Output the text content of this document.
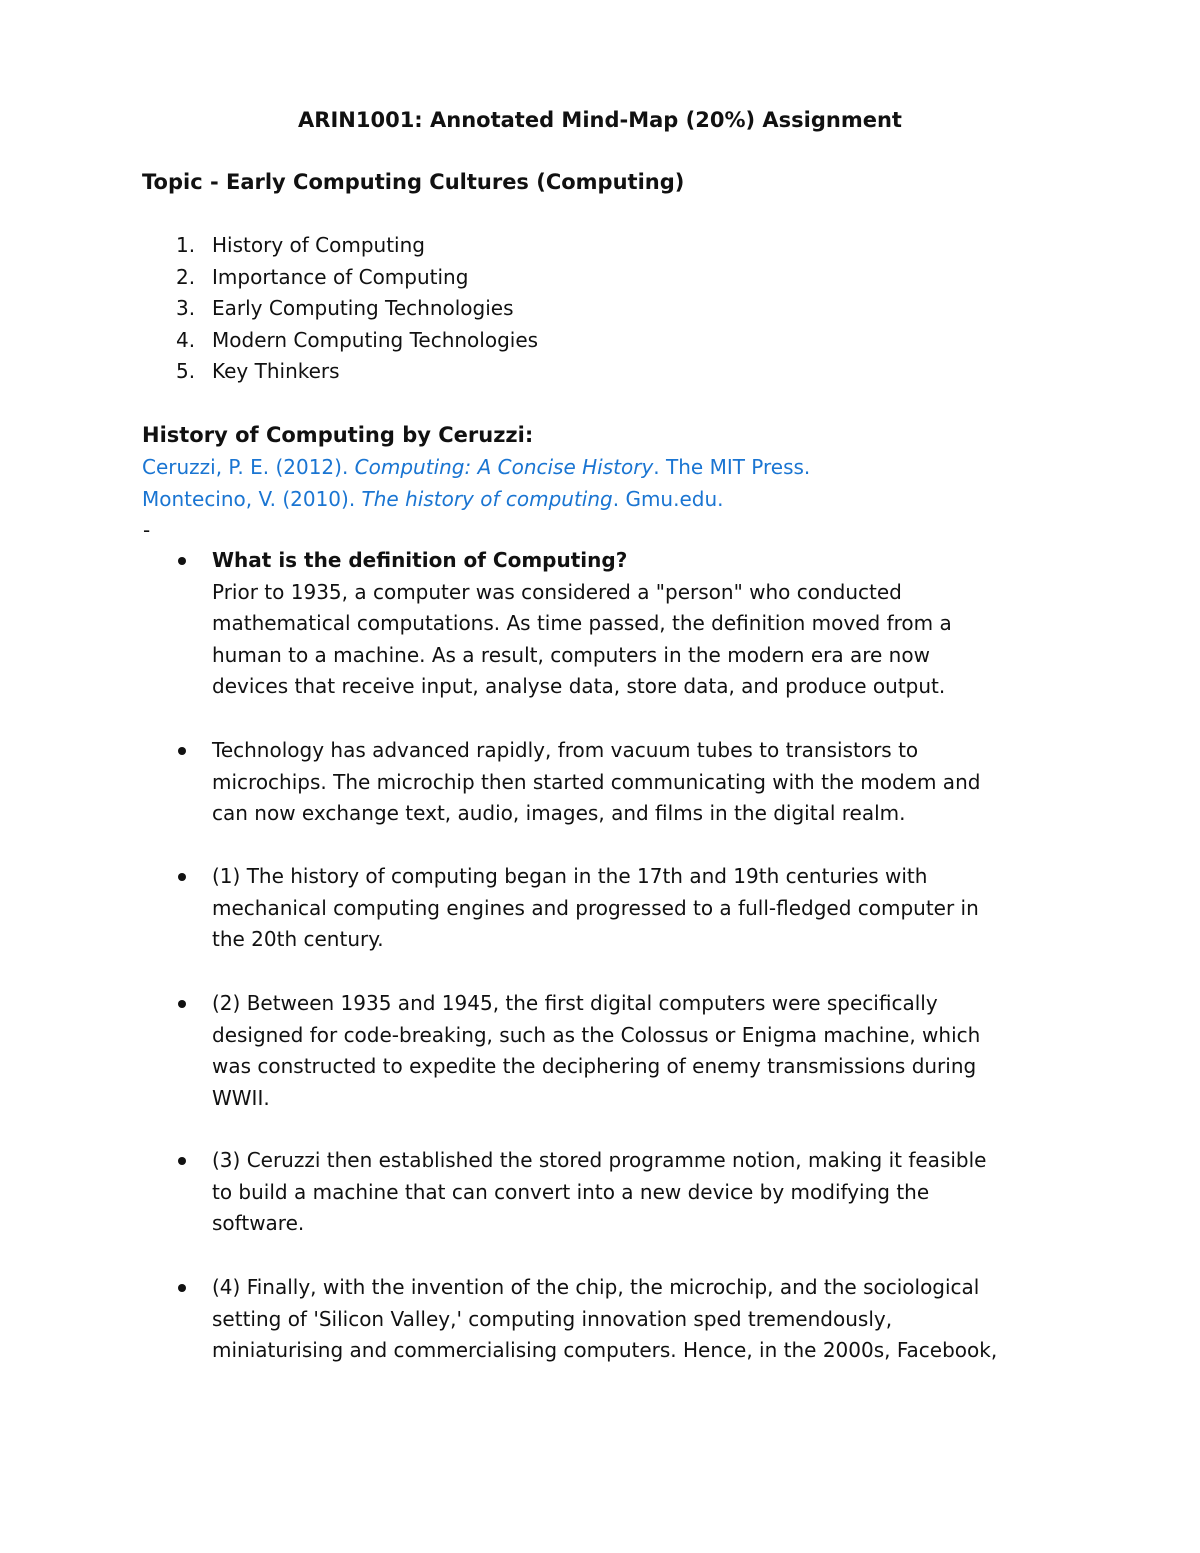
ARIN1001: Annotated Mind-Map (20%) Assignment
Topic - Early Computing Cultures (Computing)
1. History of Computing
2. Importance of Computing
3. Early Computing Technologies
4. Modern Computing Technologies
5. Key Thinkers
History of Computing by Ceruzzi:
Ceruzzi, P. E. (2012). Computing: A Concise History. The MIT Press.
Montecino, V. (2010). The history of computing. Gmu.edu.
-
What is the definition of Computing?
Prior to 1935, a computer was considered a "person" who conducted
mathematical computations. As time passed, the definition moved from a
human to a machine. As a result, computers in the modern era are now
devices that receive input, analyse data, store data, and produce output.
Technology has advanced rapidly, from vacuum tubes to transistors to
microchips. The microchip then started communicating with the modem and
can now exchange text, audio, images, and films in the digital realm.
(1) The history of computing began in the 17th and 19th centuries with
mechanical computing engines and progressed to a full-fledged computer in
the 20th century.
(2) Between 1935 and 1945, the first digital computers were specifically
designed for code-breaking, such as the Colossus or Enigma machine, which
was constructed to expedite the deciphering of enemy transmissions during
WWII.
(3) Ceruzzi then established the stored programme notion, making it feasible
to build a machine that can convert into a new device by modifying the
software.
(4) Finally, with the invention of the chip, the microchip, and the sociological
setting of 'Silicon Valley,' computing innovation sped tremendously,
miniaturising and commercialising computers. Hence, in the 2000s, Facebook,
